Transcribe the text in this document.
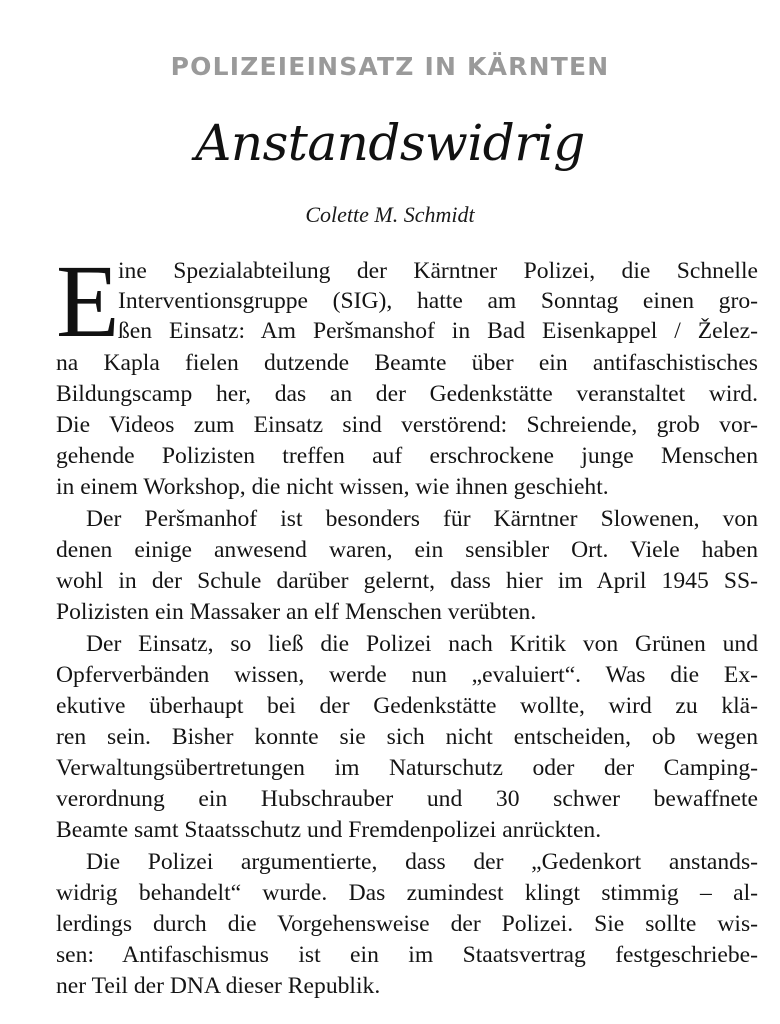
POLIZEIEINSATZ IN KÄRNTEN
Anstandswidrig
Colette M. Schmidt
E
ine Spezialabteilung der Kärntner Polizei, die Schnelle
Interventionsgruppe (SIG), hatte am Sonntag einen gro-
ßen Einsatz: Am Peršmanshof in Bad Eisenkappel / Želez-
na Kapla fielen dutzende Beamte über ein antifaschistisches
Bildungscamp her, das an der Gedenkstätte veranstaltet wird.
Die Videos zum Einsatz sind verstörend: Schreiende, grob vor-
gehende Polizisten treffen auf erschrockene junge Menschen
in einem Workshop, die nicht wissen, wie ihnen geschieht.
Der Peršmanhof ist besonders für Kärntner Slowenen, von
denen einige anwesend waren, ein sensibler Ort. Viele haben
wohl in der Schule darüber gelernt, dass hier im April 1945 SS-
Polizisten ein Massaker an elf Menschen verübten.
Der Einsatz, so ließ die Polizei nach Kritik von Grünen und
Opferverbänden wissen, werde nun „evaluiert“. Was die Ex-
ekutive überhaupt bei der Gedenkstätte wollte, wird zu klä-
ren sein. Bisher konnte sie sich nicht entscheiden, ob wegen
Verwaltungsübertretungen im Naturschutz oder der Camping-
verordnung ein Hubschrauber und 30 schwer bewaffnete
Beamte samt Staatsschutz und Fremdenpolizei anrückten.
Die Polizei argumentierte, dass der „Gedenkort anstands-
widrig behandelt“ wurde. Das zumindest klingt stimmig – al-
lerdings durch die Vorgehensweise der Polizei. Sie sollte wis-
sen: Antifaschismus ist ein im Staatsvertrag festgeschriebe-
ner Teil der DNA dieser Republik.
